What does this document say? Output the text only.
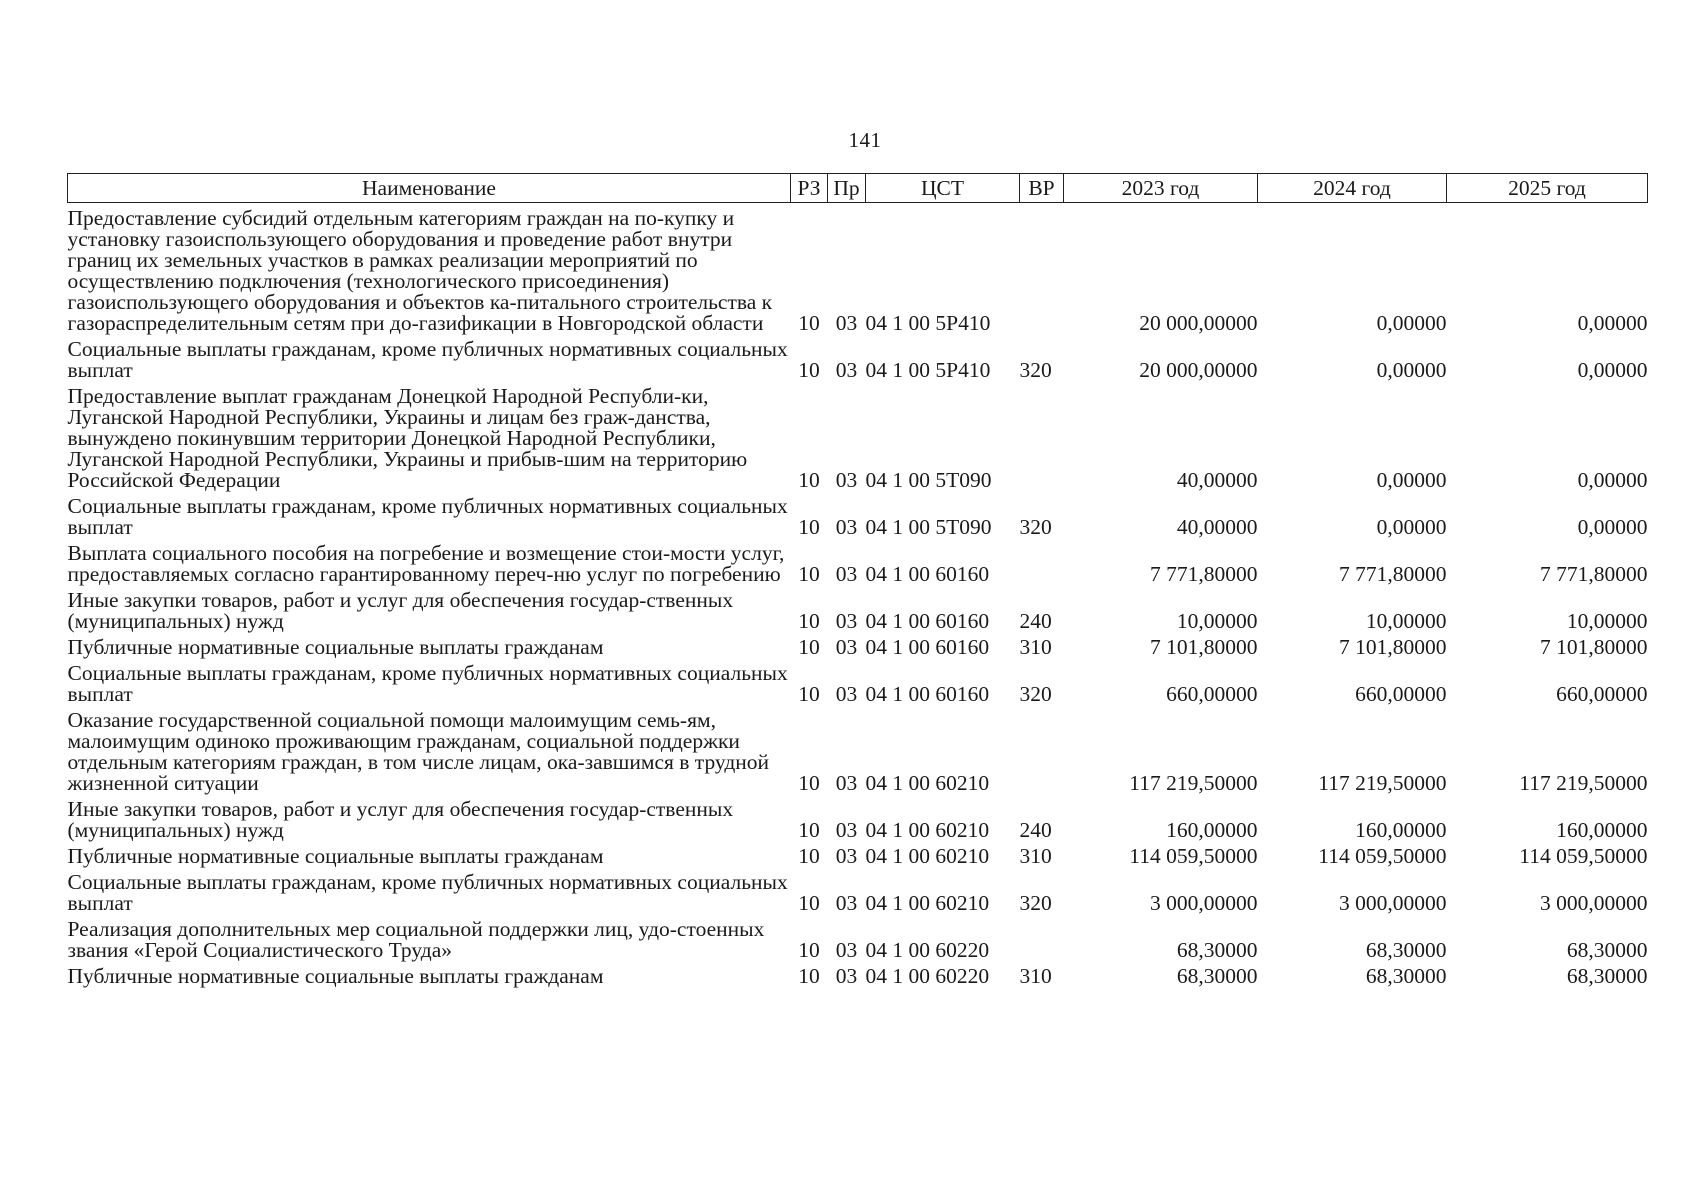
141
Наименование	РЗ	Пр	ЦСТ	ВР	2023 год	2024 год	2025 год
Предоставление субсидий отдельным категориям граждан на по-купку и установку газоиспользующего оборудования и проведение работ внутри границ их земельных участков в рамках реализации мероприятий по осуществлению подключения (технологического присоединения) газоиспользующего оборудования и объектов ка-питального строительства к газораспределительным сетям при до-газификации в Новгородской области	10	03	04 1 00 5Р410		20 000,00000	0,00000	0,00000
Социальные выплаты гражданам, кроме публичных нормативных социальных выплат	10	03	04 1 00 5Р410	320	20 000,00000	0,00000	0,00000
Предоставление выплат гражданам Донецкой Народной Республи-ки, Луганской Народной Республики, Украины и лицам без граж-данства, вынуждено покинувшим территории Донецкой Народной Республики, Луганской Народной Республики, Украины и прибыв-шим на территорию Российской Федерации	10	03	04 1 00 5Т090		40,00000	0,00000	0,00000
Социальные выплаты гражданам, кроме публичных нормативных социальных выплат	10	03	04 1 00 5Т090	320	40,00000	0,00000	0,00000
Выплата социального пособия на погребение и возмещение стои-мости услуг, предоставляемых согласно гарантированному переч-ню услуг по погребению	10	03	04 1 00 60160		7 771,80000	7 771,80000	7 771,80000
Иные закупки товаров, работ и услуг для обеспечения государ-ственных (муниципальных) нужд	10	03	04 1 00 60160	240	10,00000	10,00000	10,00000
Публичные нормативные социальные выплаты гражданам	10	03	04 1 00 60160	310	7 101,80000	7 101,80000	7 101,80000
Социальные выплаты гражданам, кроме публичных нормативных социальных выплат	10	03	04 1 00 60160	320	660,00000	660,00000	660,00000
Оказание государственной социальной помощи малоимущим семь-ям, малоимущим одиноко проживающим гражданам, социальной поддержки отдельным категориям граждан, в том числе лицам, ока-завшимся в трудной жизненной ситуации	10	03	04 1 00 60210		117 219,50000	117 219,50000	117 219,50000
Иные закупки товаров, работ и услуг для обеспечения государ-ственных (муниципальных) нужд	10	03	04 1 00 60210	240	160,00000	160,00000	160,00000
Публичные нормативные социальные выплаты гражданам	10	03	04 1 00 60210	310	114 059,50000	114 059,50000	114 059,50000
Социальные выплаты гражданам, кроме публичных нормативных социальных выплат	10	03	04 1 00 60210	320	3 000,00000	3 000,00000	3 000,00000
Реализация дополнительных мер социальной поддержки лиц, удо-стоенных звания «Герой Социалистического Труда»	10	03	04 1 00 60220		68,30000	68,30000	68,30000
Публичные нормативные социальные выплаты гражданам	10	03	04 1 00 60220	310	68,30000	68,30000	68,30000
